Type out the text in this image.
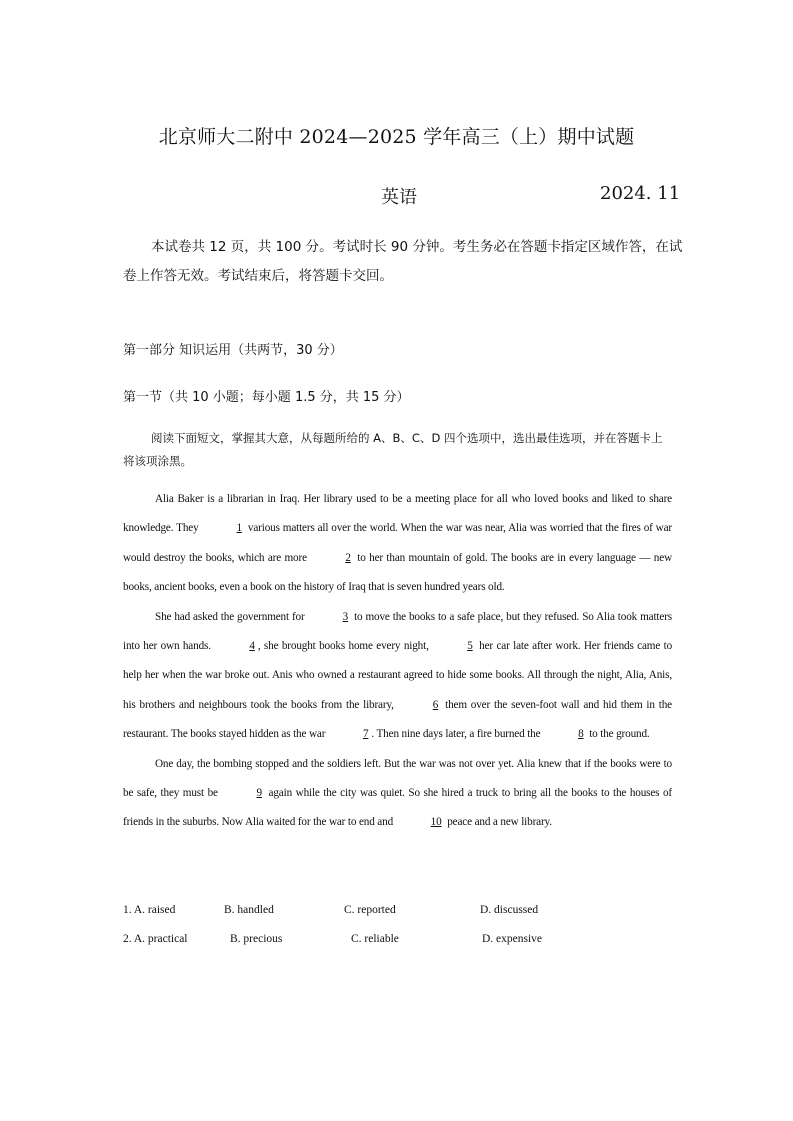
北京师大二附中 2024—2025 学年高三（上）期中试题
英语	2024. 11
本试卷共 12 页，共 100 分。考试时长 90 分钟。考生务必在答题卡指定区域作答，在试卷上作答无效。考试结束后，将答题卡交回。
第一部分 知识运用（共两节，30 分）
第一节（共 10 小题；每小题 1.5 分，共 15 分）
阅读下面短文，掌握其大意，从每题所给的 A、B、C、D 四个选项中，选出最佳选项，并在答题卡上将该项涂黑。

Alia Baker is a librarian in Iraq. Her library used to be a meeting place for all who loved books and liked to share knowledge. They	1 various matters all over the world. When the war was near, Alia was worried that the fires of war would destroy the books, which are more	2 to her than mountain of gold. The books are in every language — new books, ancient books, even a book on the history of Iraq that is seven hundred years old.

She had asked the government for	3 to move the books to a safe place, but they refused. So Alia took matters into her own hands.	4 , she brought books home every night,	5 her car late after work. Her friends came to help her when the war broke out. Anis who owned a restaurant agreed to hide some books. All through the night, Alia, Anis, his brothers and neighbours took the books from the library,	6 them over the seven-foot wall and hid them in the restaurant. The books stayed hidden as the war	7 . Then nine days later, a fire burned the	8 to the ground.

One day, the bombing stopped and the soldiers left. But the war was not over yet. Alia knew that if the books were to be safe, they must be	9 again while the city was quiet. So she hired a truck to bring all the books to the houses of friends in the suburbs. Now Alia waited for the war to end and	10 peace and a new library.

1. A. raised	B. handled	C. reported	D. discussed
2. A. practical	B. precious	C. reliable	D. expensive
